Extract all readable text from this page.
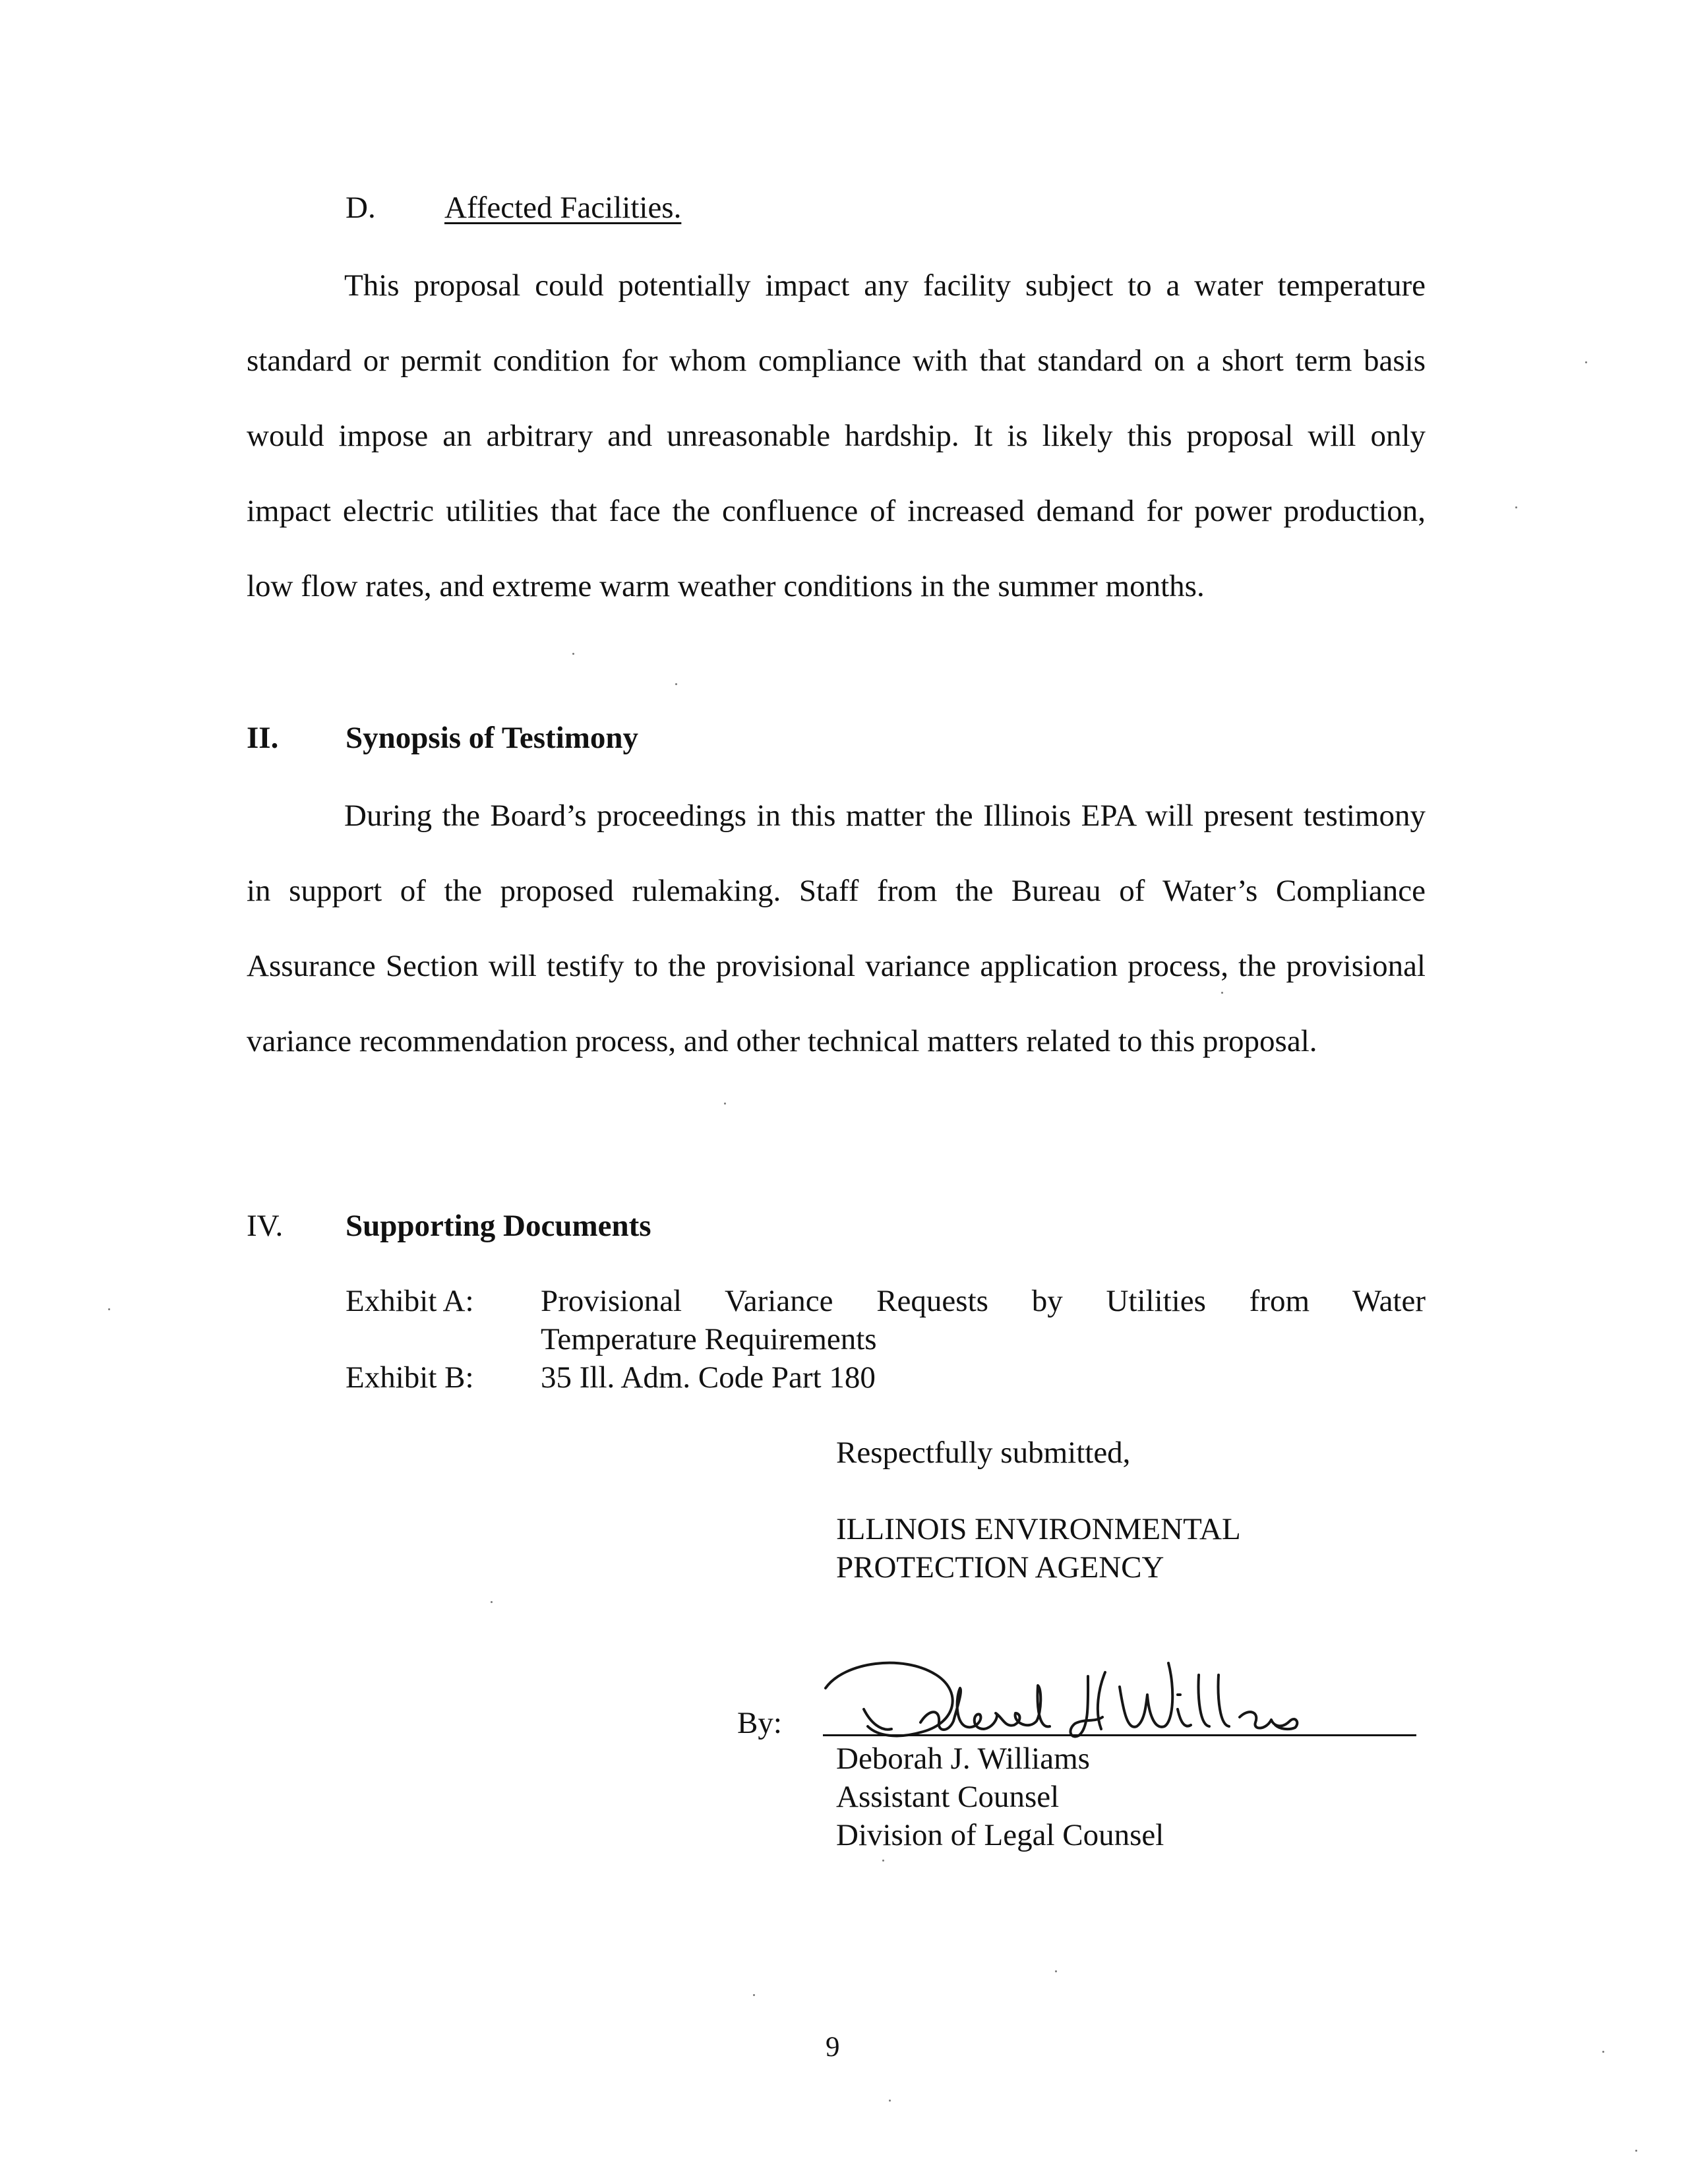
D. Affected Facilities.
This proposal could potentially impact any facility subject to a water temperature standard or permit condition for whom compliance with that standard on a short term basis would impose an arbitrary and unreasonable hardship. It is likely this proposal will only impact electric utilities that face the confluence of increased demand for power production, low flow rates, and extreme warm weather conditions in the summer months.
II. Synopsis of Testimony
During the Board’s proceedings in this matter the Illinois EPA will present testimony in support of the proposed rulemaking. Staff from the Bureau of Water’s Compliance Assurance Section will testify to the provisional variance application process, the provisional variance recommendation process, and other technical matters related to this proposal.
IV. Supporting Documents
Exhibit A: Provisional Variance Requests by Utilities from Water
Temperature Requirements
Exhibit B: 35 Ill. Adm. Code Part 180
Respectfully submitted,
ILLINOIS ENVIRONMENTAL
PROTECTION AGENCY
By:
Deborah J. Williams
Assistant Counsel
Division of Legal Counsel
9
